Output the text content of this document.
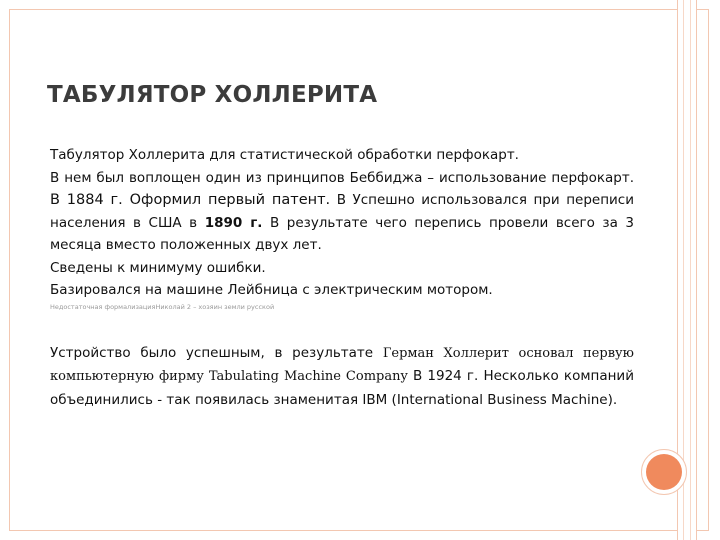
ТАБУЛЯТОР ХОЛЛЕРИТА

Табулятор Холлерита для статистической обработки перфокарт.

В нем был воплощен один из принципов Беббиджа – использование перфокарт. В 1884 г. Оформил первый патент. В Успешно использовался при переписи населения в США в 1890 г. В результате чего перепись провели всего за 3 месяца вместо положенных двух лет.

Сведены к минимуму ошибки.

Базировался на машине Лейбница с электрическим мотором.

Недостаточная формализацияНиколай 2 – хозяин земли русской

Устройство было успешным, в результате Герман Холлерит основал первую компьютерную фирму Tabulating Machine Company В 1924 г. Несколько компаний объединились - так появилась знаменитая IBM (International Business Machine).
